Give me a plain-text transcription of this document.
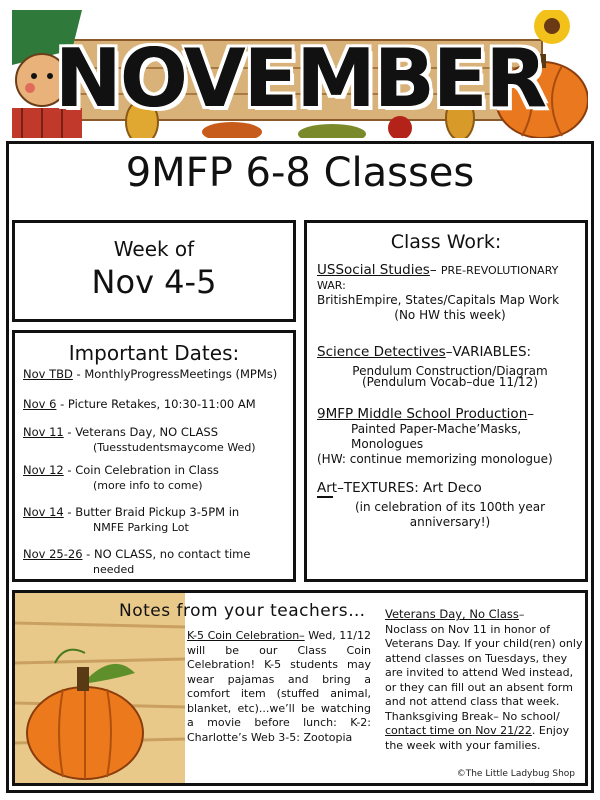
NOVEMBER
9MFP 6-8 Classes
Week of
Nov 4-5
Important Dates:
Nov TBD - MonthlyProgressMeetings (MPMs)
Nov 6 - Picture Retakes, 10:30-11:00 AM
Nov 11 - Veterans Day, NO CLASS
(Tuesstudentsmaycome Wed)
Nov 12 - Coin Celebration in Class
(more info to come)
Nov 14 - Butter Braid Pickup 3-5PM in
NMFE Parking Lot
Nov 25-26 - NO CLASS, no contact time
needed
Class Work:
USSocial Studies– PRE-REVOLUTIONARY WAR:
BritishEmpire, States/Capitals Map Work
(No HW this week)
Science Detectives–VARIABLES:
Pendulum Construction/Diagram
(Pendulum Vocab–due 11/12)
9MFP Middle School Production–
Painted Paper-Mache’Masks,
Monologues
(HW: continue memorizing monologue)
Art–TEXTURES: Art Deco
(in celebration of its 100th year
anniversary!)
Notes from your teachers…
K-5 Coin Celebration– Wed, 11/12 will be our Class Coin Celebration! K-5 students may wear pajamas and bring a comfort item (stuffed animal, blanket, etc)...we’ll be watching a movie before lunch: K-2: Charlotte’s Web 3-5: Zootopia
Veterans Day, No Class–
Noclass on Nov 11 in honor of Veterans Day. If your child(ren) only attend classes on Tuesdays, they are invited to attend Wed instead, or they can fill out an absent form and not attend class that week. Thanksgiving Break– No school/ contact time on Nov 21/22. Enjoy the week with your families.
©The Little Ladybug Shop
